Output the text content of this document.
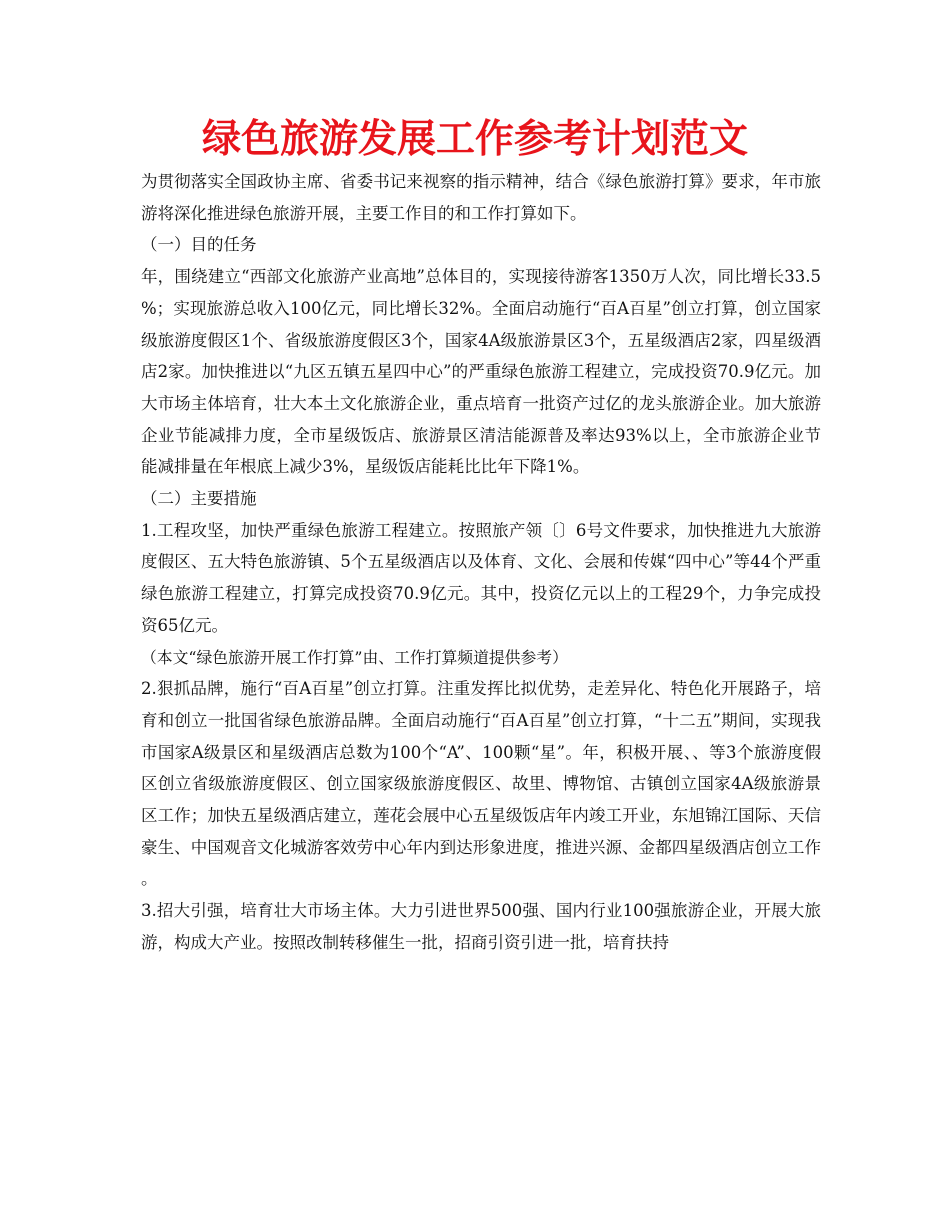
绿色旅游发展工作参考计划范文

为贯彻落实全国政协主席、省委书记来视察的指示精神，结合《绿色旅游打算》要求，年市旅游将深化推进绿色旅游开展，主要工作目的和工作打算如下。

（一）目的任务

年，围绕建立“西部文化旅游产业高地”总体目的，实现接待游客1350万人次，同比增长33.5%；实现旅游总收入100亿元，同比增长32%。全面启动施行“百A百星”创立打算，创立国家级旅游度假区1个、省级旅游度假区3个，国家4A级旅游景区3个，五星级酒店2家，四星级酒店2家。加快推进以“九区五镇五星四中心”的严重绿色旅游工程建立，完成投资70.9亿元。加大市场主体培育，壮大本土文化旅游企业，重点培育一批资产过亿的龙头旅游企业。加大旅游企业节能减排力度，全市星级饭店、旅游景区清洁能源普及率达93%以上，全市旅游企业节能减排量在年根底上减少3%，星级饭店能耗比比年下降1%。

（二）主要措施

1.工程攻坚，加快严重绿色旅游工程建立。按照旅产领〔〕6号文件要求，加快推进九大旅游度假区、五大特色旅游镇、5个五星级酒店以及体育、文化、会展和传媒“四中心”等44个严重绿色旅游工程建立，打算完成投资70.9亿元。其中，投资亿元以上的工程29个，力争完成投资65亿元。

（本文“绿色旅游开展工作打算”由、工作打算频道提供参考）

2.狠抓品牌，施行“百A百星”创立打算。注重发挥比拟优势，走差异化、特色化开展路子，培育和创立一批国省绿色旅游品牌。全面启动施行“百A百星”创立打算，“十二五”期间，实现我市国家A级景区和星级酒店总数为100个“A”、100颗“星”。年，积极开展、、等3个旅游度假区创立省级旅游度假区、创立国家级旅游度假区、故里、博物馆、古镇创立国家4A级旅游景区工作；加快五星级酒店建立，莲花会展中心五星级饭店年内竣工开业，东旭锦江国际、天信豪生、中国观音文化城游客效劳中心年内到达形象进度，推进兴源、金都四星级酒店创立工作。

3.招大引强，培育壮大市场主体。大力引进世界500强、国内行业100强旅游企业，开展大旅游，构成大产业。按照改制转移催生一批，招商引资引进一批，培育扶持
